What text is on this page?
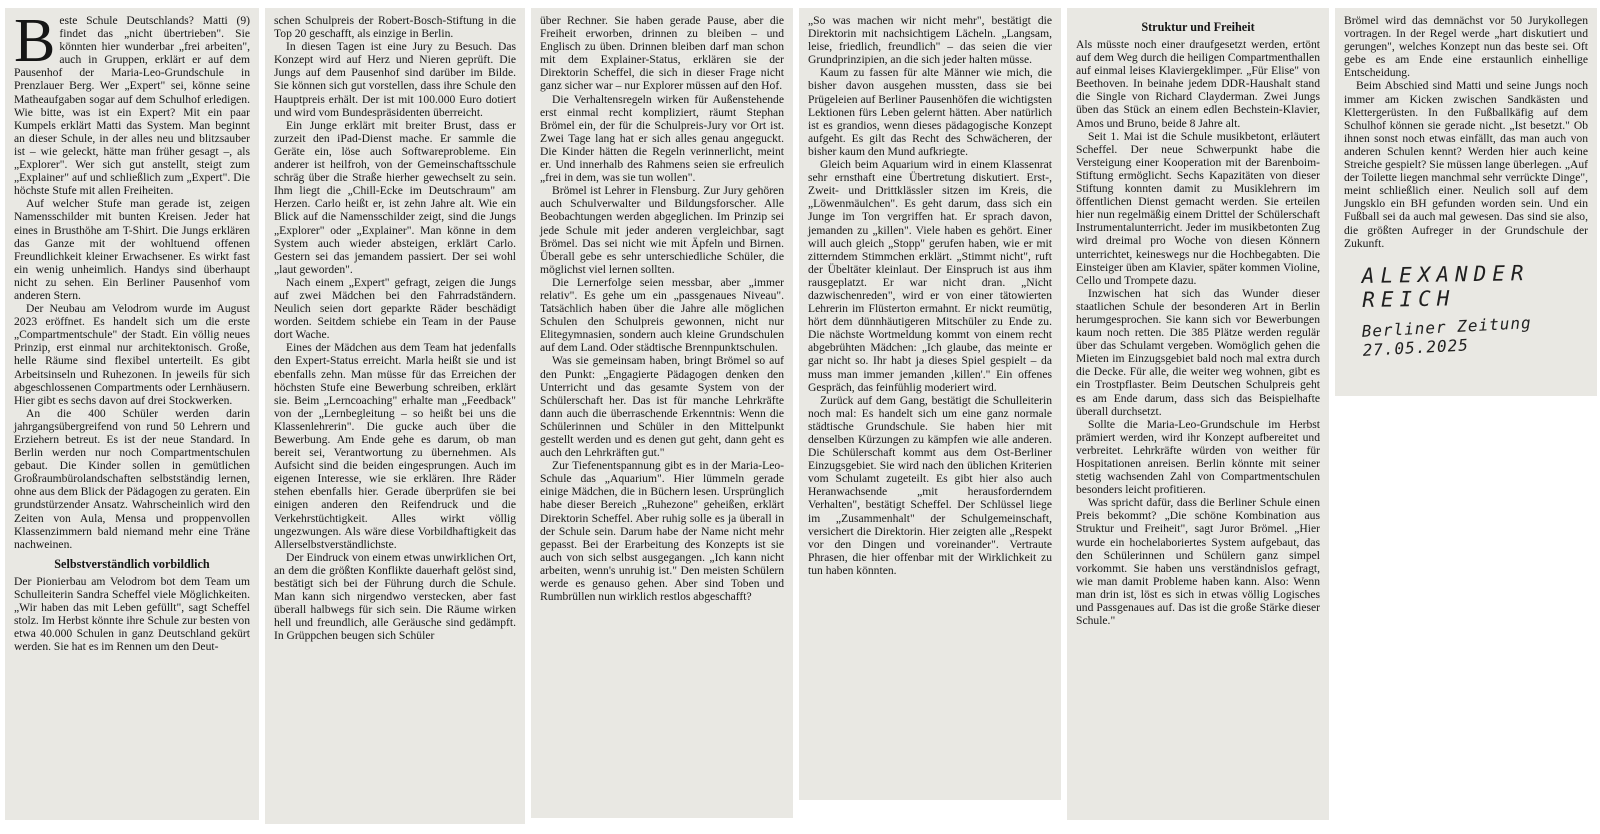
B este Schule Deutschlands? Matti (9) findet das „nicht übertrieben". Sie könnten hier wunderbar „frei arbeiten", auch in Gruppen, erklärt er auf dem Pausenhof der Maria-Leo-Grundschule in Prenzlauer Berg. Wer „Expert" sei, könne seine Matheaufgaben sogar auf dem Schulhof erledigen. Wie bitte, was ist ein Expert? Mit ein paar Kumpels erklärt Matti das System. Man beginnt an dieser Schule, in der alles neu und blitzsauber ist – wie geleckt, hätte man früher gesagt –, als „Explorer". Wer sich gut anstellt, steigt zum „Explainer" auf und schließlich zum „Expert". Die höchste Stufe mit allen Freiheiten.

Auf welcher Stufe man gerade ist, zeigen Namensschilder mit bunten Kreisen. Jeder hat eines in Brusthöhe am T-Shirt. Die Jungs erklären das Ganze mit der wohltuend offenen Freundlichkeit kleiner Erwachsener. Es wirkt fast ein wenig unheimlich. Handys sind überhaupt nicht zu sehen. Ein Berliner Pausenhof vom anderen Stern.

Der Neubau am Velodrom wurde im August 2023 eröffnet. Es handelt sich um die erste „Compartmentschule" der Stadt. Ein völlig neues Prinzip, erst einmal nur architektonisch. Große, helle Räume sind flexibel unterteilt. Es gibt Arbeitsinseln und Ruhezonen. In jeweils für sich abgeschlossenen Compartments oder Lernhäusern. Hier gibt es sechs davon auf drei Stockwerken.

An die 400 Schüler werden darin jahrgangsübergreifend von rund 50 Lehrern und Erziehern betreut. Es ist der neue Standard. In Berlin werden nur noch Compartmentschulen gebaut. Die Kinder sollen in gemütlichen Großraumbürolandschaften selbstständig lernen, ohne aus dem Blick der Pädagogen zu geraten. Ein grundstürzender Ansatz. Wahrscheinlich wird den Zeiten von Aula, Mensa und proppenvollen Klassenzimmern bald niemand mehr eine Träne nachweinen.

Selbstverständlich vorbildlich

Der Pionierbau am Velodrom bot dem Team um Schulleiterin Sandra Scheffel viele Möglichkeiten. „Wir haben das mit Leben gefüllt", sagt Scheffel stolz. Im Herbst könnte ihre Schule zur besten von etwa 40.000 Schulen in ganz Deutschland gekürt werden. Sie hat es im Rennen um den Deut-

schen Schulpreis der Robert-Bosch-Stiftung in die Top 20 geschafft, als einzige in Berlin.

In diesen Tagen ist eine Jury zu Besuch. Das Konzept wird auf Herz und Nieren geprüft. Die Jungs auf dem Pausenhof sind darüber im Bilde. Sie können sich gut vorstellen, dass ihre Schule den Hauptpreis erhält. Der ist mit 100.000 Euro dotiert und wird vom Bundespräsidenten überreicht.

Ein Junge erklärt mit breiter Brust, dass er zurzeit den iPad-Dienst mache. Er sammle die Geräte ein, löse auch Softwareprobleme. Ein anderer ist heilfroh, von der Gemeinschaftsschule schräg über die Straße hierher gewechselt zu sein. Ihm liegt die „Chill-Ecke im Deutschraum" am Herzen. Carlo heißt er, ist zehn Jahre alt. Wie ein Blick auf die Namensschilder zeigt, sind die Jungs „Explorer" oder „Explainer". Man könne in dem System auch wieder absteigen, erklärt Carlo. Gestern sei das jemandem passiert. Der sei wohl „laut geworden".

Nach einem „Expert" gefragt, zeigen die Jungs auf zwei Mädchen bei den Fahrradständern. Neulich seien dort geparkte Räder beschädigt worden. Seitdem schiebe ein Team in der Pause dort Wache.

Eines der Mädchen aus dem Team hat jedenfalls den Expert-Status erreicht. Marla heißt sie und ist ebenfalls zehn. Man müsse für das Erreichen der höchsten Stufe eine Bewerbung schreiben, erklärt sie. Beim „Lerncoaching" erhalte man „Feedback" von der „Lernbegleitung – so heißt bei uns die Klassenlehrerin". Die gucke auch über die Bewerbung. Am Ende gehe es darum, ob man bereit sei, Verantwortung zu übernehmen. Als Aufsicht sind die beiden eingesprungen. Auch im eigenen Interesse, wie sie erklären. Ihre Räder stehen ebenfalls hier. Gerade überprüfen sie bei einigen anderen den Reifendruck und die Verkehrstüchtigkeit. Alles wirkt völlig ungezwungen. Als wäre diese Vorbildhaftigkeit das Allerselbstverständlichste.

Der Eindruck von einem etwas unwirklichen Ort, an dem die größten Konflikte dauerhaft gelöst sind, bestätigt sich bei der Führung durch die Schule. Man kann sich nirgendwo verstecken, aber fast überall halbwegs für sich sein. Die Räume wirken hell und freundlich, alle Geräusche sind gedämpft. In Grüppchen beugen sich Schüler

über Rechner. Sie haben gerade Pause, aber die Freiheit erworben, drinnen zu bleiben – und Englisch zu üben. Drinnen bleiben darf man schon mit dem Explainer-Status, erklären sie der Direktorin Scheffel, die sich in dieser Frage nicht ganz sicher war – nur Explorer müssen auf den Hof.

Die Verhaltensregeln wirken für Außenstehende erst einmal recht kompliziert, räumt Stephan Brömel ein, der für die Schulpreis-Jury vor Ort ist. Zwei Tage lang hat er sich alles genau angeguckt. Die Kinder hätten die Regeln verinnerlicht, meint er. Und innerhalb des Rahmens seien sie erfreulich „frei in dem, was sie tun wollen".

Brömel ist Lehrer in Flensburg. Zur Jury gehören auch Schulverwalter und Bildungsforscher. Alle Beobachtungen werden abgeglichen. Im Prinzip sei jede Schule mit jeder anderen vergleichbar, sagt Brömel. Das sei nicht wie mit Äpfeln und Birnen. Überall gebe es sehr unterschiedliche Schüler, die möglichst viel lernen sollten.

Die Lernerfolge seien messbar, aber „immer relativ". Es gehe um ein „passgenaues Niveau". Tatsächlich haben über die Jahre alle möglichen Schulen den Schulpreis gewonnen, nicht nur Elitegymnasien, sondern auch kleine Grundschulen auf dem Land. Oder städtische Brennpunktschulen.

Was sie gemeinsam haben, bringt Brömel so auf den Punkt: „Engagierte Pädagogen denken den Unterricht und das gesamte System von der Schülerschaft her. Das ist für manche Lehrkräfte dann auch die überraschende Erkenntnis: Wenn die Schülerinnen und Schüler in den Mittelpunkt gestellt werden und es denen gut geht, dann geht es auch den Lehrkräften gut."

Zur Tiefenentspannung gibt es in der Maria-Leo-Schule das „Aquarium". Hier lümmeln gerade einige Mädchen, die in Büchern lesen. Ursprünglich habe dieser Bereich „Ruhezone" geheißen, erklärt Direktorin Scheffel. Aber ruhig solle es ja überall in der Schule sein. Darum habe der Name nicht mehr gepasst. Bei der Erarbeitung des Konzepts ist sie auch von sich selbst ausgegangen. „Ich kann nicht arbeiten, wenn's unruhig ist." Den meisten Schülern werde es genauso gehen. Aber sind Toben und Rumbrüllen nun wirklich restlos abgeschafft?

„So was machen wir nicht mehr", bestätigt die Direktorin mit nachsichtigem Lächeln. „Langsam, leise, friedlich, freundlich" – das seien die vier Grundprinzipien, an die sich jeder halten müsse.

Kaum zu fassen für alte Männer wie mich, die bisher davon ausgehen mussten, dass sie bei Prügeleien auf Berliner Pausenhöfen die wichtigsten Lektionen fürs Leben gelernt hätten. Aber natürlich ist es grandios, wenn dieses pädagogische Konzept aufgeht. Es gilt das Recht des Schwächeren, der bisher kaum den Mund aufkriegte.

Gleich beim Aquarium wird in einem Klassenrat sehr ernsthaft eine Übertretung diskutiert. Erst-, Zweit- und Drittklässler sitzen im Kreis, die „Löwenmäulchen". Es geht darum, dass sich ein Junge im Ton vergriffen hat. Er sprach davon, jemanden zu „killen". Viele haben es gehört. Einer will auch gleich „Stopp" gerufen haben, wie er mit zitterndem Stimmchen erklärt. „Stimmt nicht", ruft der Übeltäter kleinlaut. Der Einspruch ist aus ihm rausgeplatzt. Er war nicht dran. „Nicht dazwischenreden", wird er von einer tätowierten Lehrerin im Flüsterton ermahnt. Er nickt reumütig, hört dem dünnhäutigeren Mitschüler zu Ende zu. Die nächste Wortmeldung kommt von einem recht abgebrühten Mädchen: „Ich glaube, das meinte er gar nicht so. Ihr habt ja dieses Spiel gespielt – da muss man immer jemanden ‚killen'." Ein offenes Gespräch, das feinfühlig moderiert wird.

Zurück auf dem Gang, bestätigt die Schulleiterin noch mal: Es handelt sich um eine ganz normale städtische Grundschule. Sie haben hier mit denselben Kürzungen zu kämpfen wie alle anderen. Die Schülerschaft kommt aus dem Ost-Berliner Einzugsgebiet. Sie wird nach den üblichen Kriterien vom Schulamt zugeteilt. Es gibt hier also auch Heranwachsende „mit herausforderndem Verhalten", bestätigt Scheffel. Der Schlüssel liege im „Zusammenhalt" der Schulgemeinschaft, versichert die Direktorin. Hier zeigten alle „Respekt vor den Dingen und voreinander". Vertraute Phrasen, die hier offenbar mit der Wirklichkeit zu tun haben könnten.

Struktur und Freiheit

Als müsste noch einer draufgesetzt werden, ertönt auf dem Weg durch die heiligen Compartmenthallen auf einmal leises Klaviergeklimper. „Für Elise" von Beethoven. In beinahe jedem DDR-Haushalt stand die Single von Richard Clayderman. Zwei Jungs üben das Stück an einem edlen Bechstein-Klavier, Amos und Bruno, beide 8 Jahre alt.

Seit 1. Mai ist die Schule musikbetont, erläutert Scheffel. Der neue Schwerpunkt habe die Versteigung einer Kooperation mit der Barenboim-Stiftung ermöglicht. Sechs Kapazitäten von dieser Stiftung konnten damit zu Musiklehrern im öffentlichen Dienst gemacht werden. Sie erteilen hier nun regelmäßig einem Drittel der Schülerschaft Instrumentalunterricht. Jeder im musikbetonten Zug wird dreimal pro Woche von diesen Könnern unterrichtet, keineswegs nur die Hochbegabten. Die Einsteiger üben am Klavier, später kommen Violine, Cello und Trompete dazu.

Inzwischen hat sich das Wunder dieser staatlichen Schule der besonderen Art in Berlin herumgesprochen. Sie kann sich vor Bewerbungen kaum noch retten. Die 385 Plätze werden regulär über das Schulamt vergeben. Womöglich gehen die Mieten im Einzugsgebiet bald noch mal extra durch die Decke. Für alle, die weiter weg wohnen, gibt es ein Trostpflaster. Beim Deutschen Schulpreis geht es am Ende darum, dass sich das Beispielhafte überall durchsetzt.

Sollte die Maria-Leo-Grundschule im Herbst prämiert werden, wird ihr Konzept aufbereitet und verbreitet. Lehrkräfte würden von weither für Hospitationen anreisen. Berlin könnte mit seiner stetig wachsenden Zahl von Compartmentschulen besonders leicht profitieren.

Was spricht dafür, dass die Berliner Schule einen Preis bekommt? „Die schöne Kombination aus Struktur und Freiheit", sagt Juror Brömel. „Hier wurde ein hochelaboriertes System aufgebaut, das den Schülerinnen und Schülern ganz simpel vorkommt. Sie haben uns verständnislos gefragt, wie man damit Probleme haben kann. Also: Wenn man drin ist, löst es sich in etwas völlig Logisches und Passgenaues auf. Das ist die große Stärke dieser Schule."

Brömel wird das demnächst vor 50 Jurykollegen vortragen. In der Regel werde „hart diskutiert und gerungen", welches Konzept nun das beste sei. Oft gebe es am Ende eine erstaunlich einhellige Entscheidung.

Beim Abschied sind Matti und seine Jungs noch immer am Kicken zwischen Sandkästen und Klettergerüsten. In den Fußballkäfig auf dem Schulhof können sie gerade nicht. „Ist besetzt." Ob ihnen sonst noch etwas einfällt, das man auch von anderen Schulen kennt? Werden hier auch keine Streiche gespielt? Sie müssen lange überlegen. „Auf der Toilette liegen manchmal sehr verrückte Dinge", meint schließlich einer. Neulich soll auf dem Jungsklo ein BH gefunden worden sein. Und ein Fußball sei da auch mal gewesen. Das sind sie also, die größten Aufreger in der Grundschule der Zukunft.

ALEXANDER REICH
Berliner Zeitung 27.05.2025
